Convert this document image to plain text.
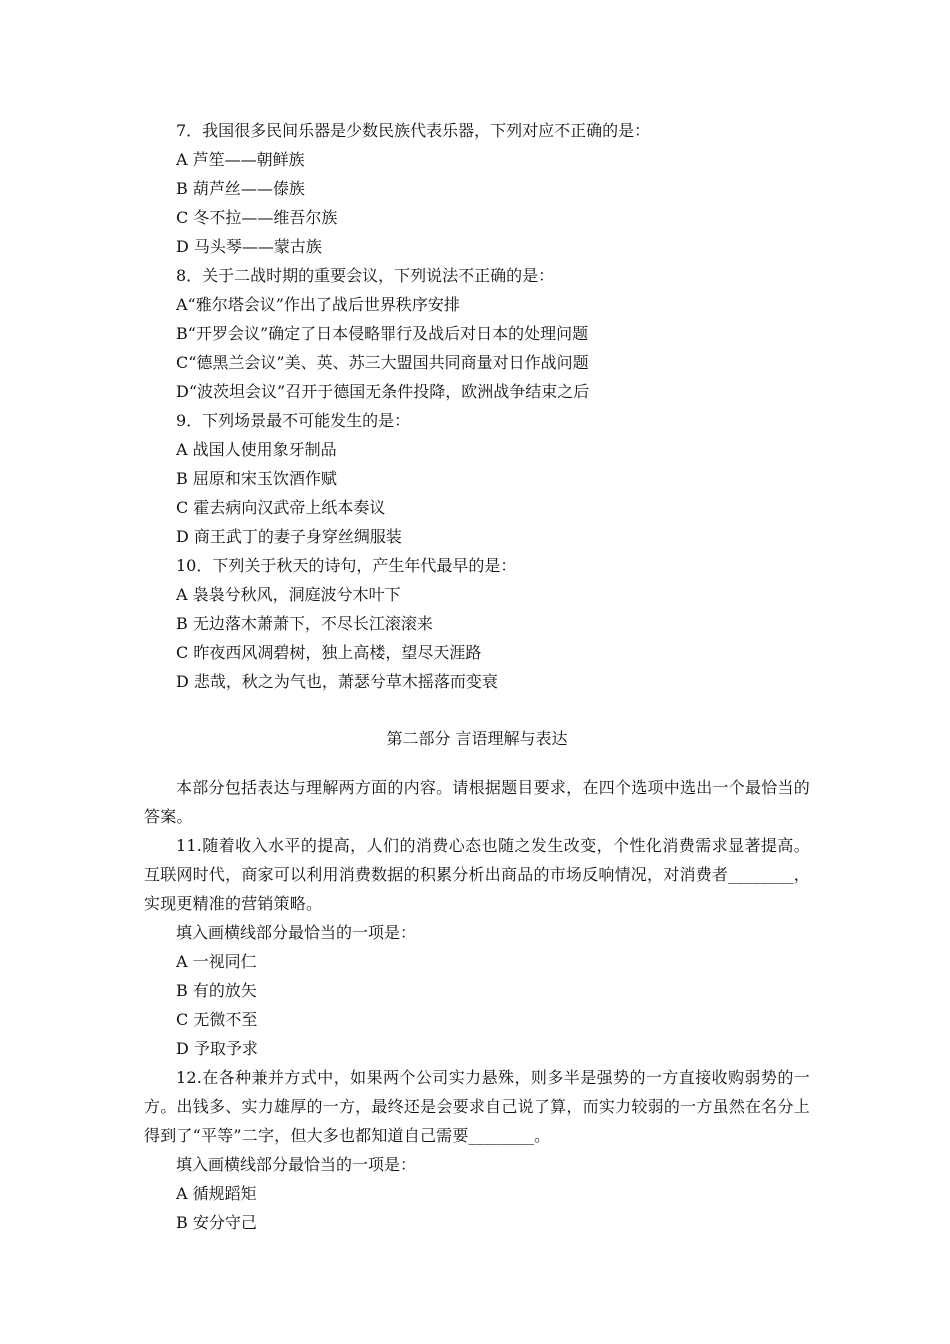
7．我国很多民间乐器是少数民族代表乐器，下列对应不正确的是：
A 芦笙——朝鲜族
B 葫芦丝——傣族
C 冬不拉——维吾尔族
D 马头琴——蒙古族
8．关于二战时期的重要会议，下列说法不正确的是：
A“雅尔塔会议”作出了战后世界秩序安排
B“开罗会议”确定了日本侵略罪行及战后对日本的处理问题
C“德黑兰会议”美、英、苏三大盟国共同商量对日作战问题
D“波茨坦会议”召开于德国无条件投降，欧洲战争结束之后
9．下列场景最不可能发生的是：
A 战国人使用象牙制品
B 屈原和宋玉饮酒作赋
C 霍去病向汉武帝上纸本奏议
D 商王武丁的妻子身穿丝绸服装
10．下列关于秋天的诗句，产生年代最早的是：
A 袅袅兮秋风，洞庭波兮木叶下
B 无边落木萧萧下，不尽长江滚滚来
C 昨夜西风凋碧树，独上高楼，望尽天涯路
D 悲哉，秋之为气也，萧瑟兮草木摇落而变衰
第二部分 言语理解与表达
本部分包括表达与理解两方面的内容。请根据题目要求，在四个选项中选出一个最恰当的答案。
11.随着收入水平的提高，人们的消费心态也随之发生改变，个性化消费需求显著提高。互联网时代，商家可以利用消费数据的积累分析出商品的市场反响情况，对消费者________，实现更精准的营销策略。
填入画横线部分最恰当的一项是：
A 一视同仁
B 有的放矢
C 无微不至
D 予取予求
12.在各种兼并方式中，如果两个公司实力悬殊，则多半是强势的一方直接收购弱势的一方。出钱多、实力雄厚的一方，最终还是会要求自己说了算，而实力较弱的一方虽然在名分上得到了“平等”二字，但大多也都知道自己需要________。
填入画横线部分最恰当的一项是：
A 循规蹈矩
B 安分守己
